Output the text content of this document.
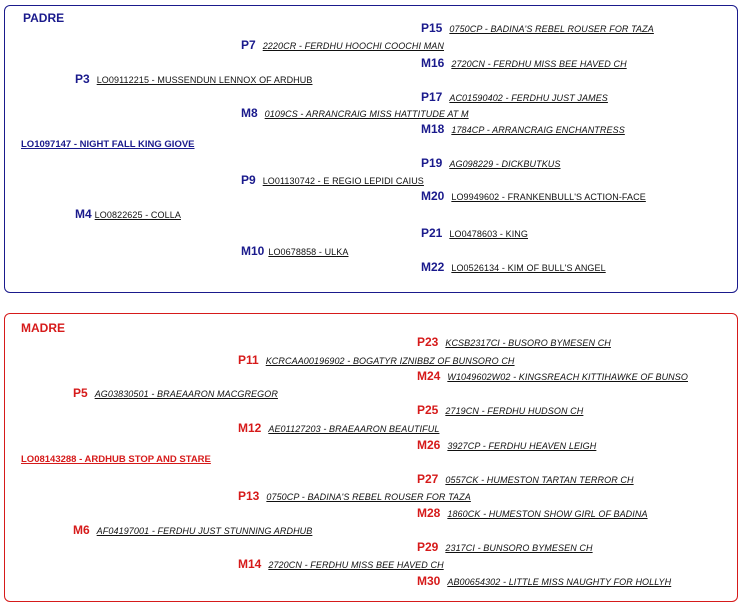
PADRE
P15 0750CP - BADINA'S REBEL ROUSER FOR TAZA
P7 2220CR - FERDHU HOOCHI COOCHI MAN
M16 2720CN - FERDHU MISS BEE HAVED CH
P3 LO09112215 - MUSSENDUN LENNOX OF ARDHUB
P17 AC01590402 - FERDHU JUST JAMES
M8 0109CS - ARRANCRAIG MISS HATTITUDE AT M
M18 1784CP - ARRANCRAIG ENCHANTRESS
LO1097147 - NIGHT FALL KING GIOVE
P19 AG098229 - DICKBUTKUS
P9 LO01130742 - E REGIO LEPIDI CAIUS
M20 LO9949602 - FRANKENBULL'S ACTION-FACE
M4 LO0822625 - COLLA
P21 LO0478603 - KING
M10 LO0678858 - ULKA
M22 LO0526134 - KIM OF BULL'S ANGEL
MADRE
P23 KCSB2317CI - BUSORO BYMESEN CH
P11 KCRCAA00196902 - BOGATYR IZNIBBZ OF BUNSORO CH
M24 W1049602W02 - KINGSREACH KITTIHAWKE OF BUNSO
P5 AG03830501 - BRAEAARON MACGREGOR
P25 2719CN - FERDHU HUDSON CH
M12 AE01127203 - BRAEAARON BEAUTIFUL
M26 3927CP - FERDHU HEAVEN LEIGH
LO08143288 - ARDHUB STOP AND STARE
P27 0557CK - HUMESTON TARTAN TERROR CH
P13 0750CP - BADINA'S REBEL ROUSER FOR TAZA
M28 1860CK - HUMESTON SHOW GIRL OF BADINA
M6 AF04197001 - FERDHU JUST STUNNING ARDHUB
P29 2317CI - BUNSORO BYMESEN CH
M14 2720CN - FERDHU MISS BEE HAVED CH
M30 AB00654302 - LITTLE MISS NAUGHTY FOR HOLLYH
